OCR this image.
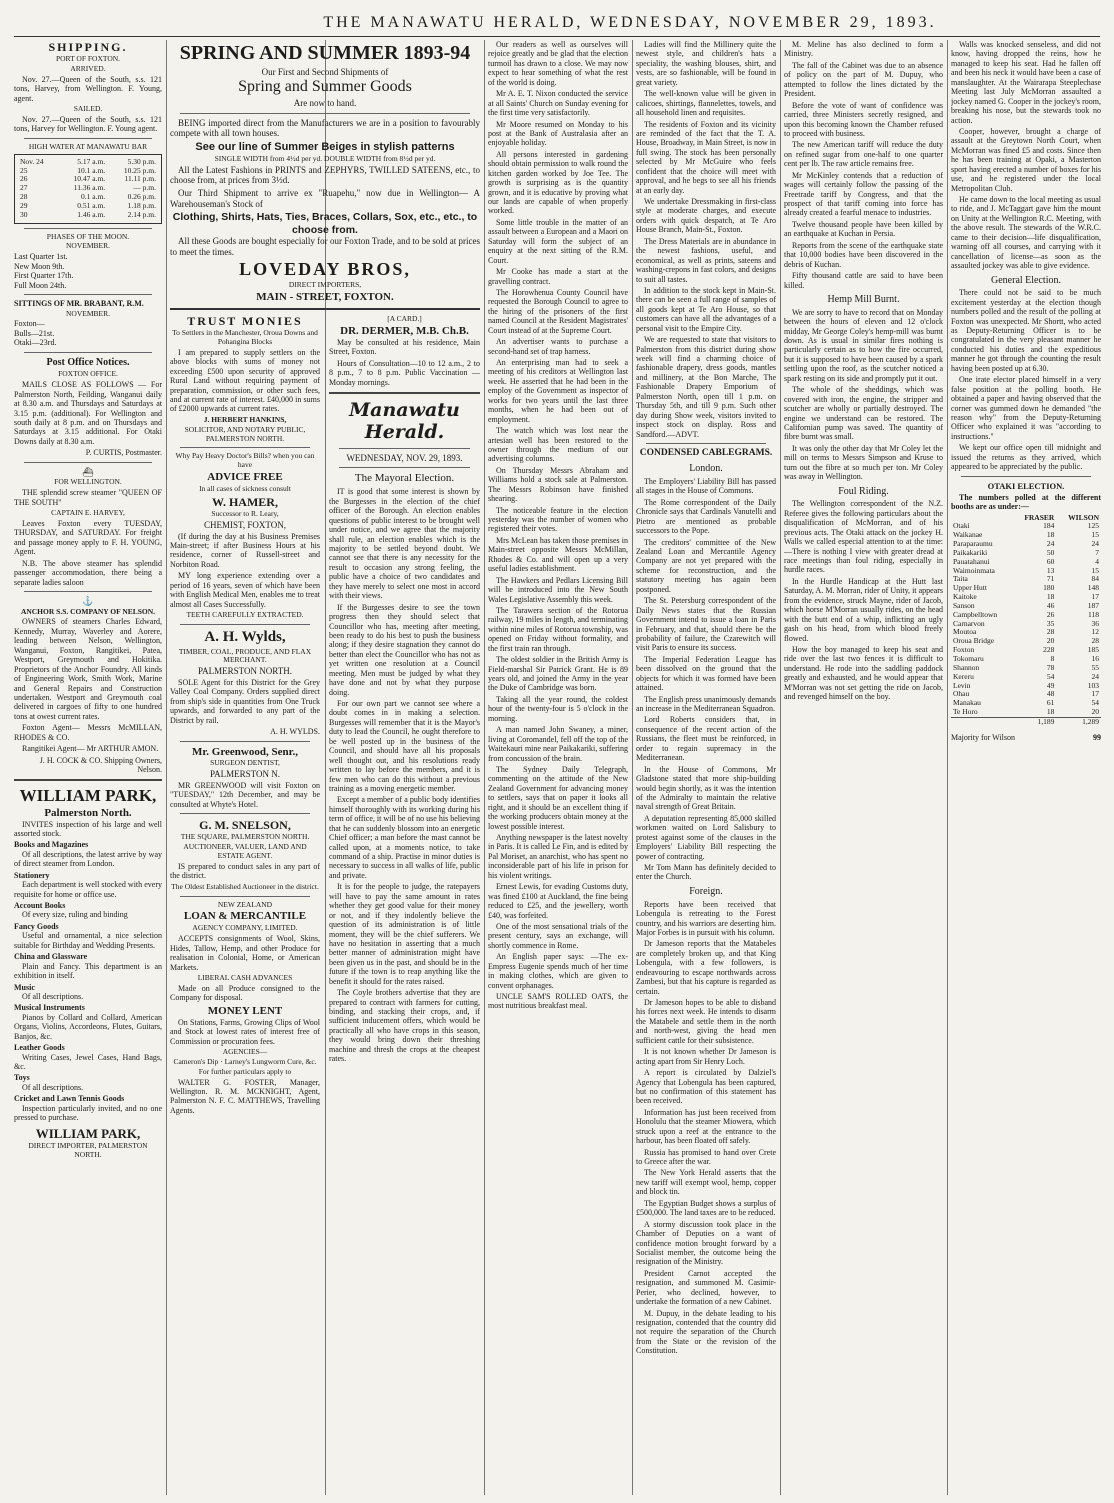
THE MANAWATU HERALD, WEDNESDAY, NOVEMBER 29, 1893.
SHIPPING.
PORT OF FOXTON.
ARRIVED.

Nov. 27.—Queen of the South, s.s. 121 tons, Harvey, from Wellington. F. Young, agent.

SAILED.

Nov. 27.—Queen of the South, s.s. 121 tons, Harvey for Wellington. F. Young agent.

HIGH WATER AT MANAWATU BAR
Nov. 24	5.17 a.m.	5.30 p.m.
25	10.1 a.m.	10.25 p.m.
26	10.47 a.m.	11.11 p.m.
27	11.36 a.m.	— p.m.
28	0.1 a.m.	0.26 p.m.
29	0.51 a.m.	1.18 p.m.
30	1.46 a.m.	2.14 p.m.
PHASES OF THE MOON.
NOVEMBER.
Last Quarter 1st.
New Moon 9th.
First Quarter 17th.
Full Moon 24th.
SITTINGS OF MR. BRABANT, R.M.
NOVEMBER.
Foxton—
Bulls—21st.
Otaki—23rd.
Post Office Notices.
FOXTON OFFICE.

MAILS CLOSE AS FOLLOWS — For Palmerston North, Feilding, Wanganui daily at 8.30 a.m. and Thursdays and Saturdays at 3.15 p.m. (additional). For Wellington and south daily at 8 p.m. and on Thursdays and Saturdays at 3.15 additional. For Otaki Downs daily at 8.30 a.m.

P. CURTIS, Postmaster.
⛴
FOR WELLINGTON.

THE splendid screw steamer "QUEEN OF THE SOUTH"

CAPTAIN E. HARVEY,

Leaves Foxton every TUESDAY, THURSDAY, and SATURDAY. For freight and passage money apply to F. H. YOUNG, Agent.

N.B. The above steamer has splendid passenger accommodation, there being a separate ladies saloon

⚓
ANCHOR S.S. COMPANY OF NELSON.

OWNERS of steamers Charles Edward, Kennedy, Murray, Waverley and Aorere, leading between Nelson, Wellington, Wanganui, Foxton, Rangitikei, Patea, Westport, Greymouth and Hokitika. Proprietors of the Anchor Foundry. All kinds of Engineering Work, Smith Work, Marine and General Repairs and Construction undertaken. Westport and Greymouth coal delivered in cargoes of fifty to one hundred tons at owest current rates.

Foxton Agent— Messrs McMILLAN, RHODES & CO.

Rangitikei Agent— Mr ARTHUR AMON.

J. H. COCK & CO. Shipping Owners, Nelson.
WILLIAM PARK,
Palmerston North.

INVITES inspection of his large and well assorted stock.

Books and Magazines

Of all descriptions, the latest arrive by way of direct steamer from London.

Stationery

Each department is well stocked with every requisite for home or office use.

Account Books

Of every size, ruling and binding

Fancy Goods

Useful and ornamental, a nice selection suitable for Birthday and Wedding Presents.

China and Glassware

Plain and Fancy. This department is an exhibition in itself.

Music

Of all descriptions.

Musical Instruments

Pianos by Collard and Collard, American Organs, Violins, Accordeons, Flutes, Guitars, Banjos, &c.

Leather Goods

Writing Cases, Jewel Cases, Hand Bags, &c.

Toys

Of all descriptions.

Cricket and Lawn Tennis Goods

Inspection particularly invited, and no one pressed to purchase.

WILLIAM PARK,
DIRECT IMPORTER, PALMERSTON NORTH.
SPRING AND SUMMER 1893-94
Our First and Second Shipments of
Spring and Summer Goods
Are now to hand.

BEING imported direct from the Manufacturers we are in a position to favourably compete with all town houses.

See our line of Summer Beiges in stylish patterns
SINGLE WIDTH from 4½d per yd. DOUBLE WIDTH from 8½d per yd.

All the Latest Fashions in PRINTS and ZEPHYRS, TWILLED SATEENS, etc., to choose from, at prices from 3½d.

Our Third Shipment to arrive ex "Ruapehu," now due in Wellington— A Warehouseman's Stock of

Clothing, Shirts, Hats, Ties, Braces, Collars, Sox, etc., etc., to choose from.

All these Goods are bought especially for our Foxton Trade, and to be sold at prices to meet the times.

LOVEDAY BROS,
DIRECT IMPORTERS,
MAIN - STREET, FOXTON.
TRUST MONIES
To Settlers in the Manchester, Oroua Downs and Pohangina Blocks

I am prepared to supply settlers on the above blocks with sums of money not exceeding £500 upon security of approved Rural Land without requiring payment of preparation, commission, or other such fees, and at current rate of interest. £40,000 in sums of £2000 upwards at current rates.

J. HERBERT HANKINS,
SOLICITOR, AND NOTARY PUBLIC, PALMERSTON NORTH.
Why Pay Heavy Doctor's Bills? when you can have
ADVICE FREE
In all cases of sickness consult
W. HAMER,
Successor to R. Leary,
CHEMIST, FOXTON,

(If during the day at his Business Premises Main-street; if after Business Hours at his residence, corner of Russell-street and Norbiton Road.

MY long experience extending over a period of 16 years, seven of which have been with English Medical Men, enables me to treat almost all Cases Successfully.

TEETH CAREFULLY EXTRACTED.
A. H. Wylds,
TIMBER, COAL, PRODUCE, AND FLAX MERCHANT.
PALMERSTON NORTH.

SOLE Agent for this District for the Grey Valley Coal Company. Orders supplied direct from ship's side in quantities from One Truck upwards, and forwarded to any part of the District by rail.

A. H. WYLDS.
Mr. Greenwood, Senr.,
SURGEON DENTIST,
PALMERSTON N.

MR GREENWOOD will visit Foxton on "TUESDAY," 12th December, and may be consulted at Whyte's Hotel.

G. M. SNELSON,
THE SQUARE, PALMERSTON NORTH.
AUCTIONEER, VALUER, LAND AND ESTATE AGENT.

IS prepared to conduct sales in any part of the district.

The Oldest Established Auctioneer in the district.
NEW ZEALAND
LOAN & MERCANTILE
AGENCY COMPANY, LIMITED.

ACCEPTS consignments of Wool, Skins, Hides, Tallow, Hemp, and other Produce for realisation in Colonial, Home, or American Markets.

LIBERAL CASH ADVANCES

Made on all Produce consigned to the Company for disposal.

MONEY LENT

On Stations, Farms, Growing Clips of Wool and Stock at lowest rates of interest free of Commission or procuration fees.

AGENCIES—
Cameron's Dip · Larney's Lungworm Cure, &c.
For further particulars apply to

WALTER G. FOSTER, Manager, Wellington. R. M. MCKNIGHT, Agent, Palmerston N. F. C. MATTHEWS, Travelling Agents.

[A CARD.]
DR. DERMER, M.B. Ch.B.

May be consulted at his residence, Main Street, Foxton.

Hours of Consultation—10 to 12 a.m., 2 to 8 p.m., 7 to 8 p.m. Public Vaccination — Monday mornings.

Manawatu Herald.
WEDNESDAY, NOV. 29, 1893.
The Mayoral Election.

IT is good that some interest is shown by the Burgesses in the election of the chief officer of the Borough. An election enables questions of public interest to be brought well under notice, and we agree that the majority shall rule, an election enables which is the majority to be settled beyond doubt. We cannot see that there is any necessity for the result to occasion any strong feeling, the public have a choice of two candidates and they have merely to select one most in accord with their views.

If the Burgesses desire to see the town progress then they should select that Councillor who has, meeting after meeting, been ready to do his best to push the business along; if they desire stagnation they cannot do better than elect the Councillor who has not as yet written one resolution at a Council meeting. Men must be judged by what they have done and not by what they purpose doing.

For our own part we cannot see where a doubt comes in in making a selection. Burgesses will remember that it is the Mayor's duty to lead the Council, he ought therefore to be well posted up in the business of the Council, and should have all his proposals well thought out, and his resolutions ready written to lay before the members, and it is few men who can do this without a previous training as a moving energetic member.

Except a member of a public body identifies himself thoroughly with its working during his term of office, it will be of no use his believing that he can suddenly blossom into an energetic Chief officer; a man before the mast cannot be called upon, at a moments notice, to take command of a ship. Practise in minor duties is necessary to success in all walks of life, public and private.

It is for the people to judge, the ratepayers will have to pay the same amount in rates whether they get good value for their money or not, and if they indolently believe the question of its administration is of little moment, they will be the chief sufferers. We have no hesitation in asserting that a much better manner of administration might have been given us in the past, and should be in the future if the town is to reap anything like the benefit it should for the rates raised.

The Coyle brothers advertise that they are prepared to contract with farmers for cutting, binding, and stacking their crops, and, if sufficient inducement offers, which would be practically all who have crops in this season, they would bring down their threshing machine and thresh the crops at the cheapest rates.

Our readers as well as ourselves will rejoice greatly and be glad that the election turmoil has drawn to a close. We may now expect to hear something of what the rest of the world is doing.

Mr A. E. T. Nixon conducted the service at all Saints' Church on Sunday evening for the first time very satisfactorily.

Mr Moore resumed on Monday to his post at the Bank of Australasia after an enjoyable holiday.

All persons interested in gardening should obtain permission to walk round the kitchen garden worked by Joe Tee. The growth is surprising as is the quantity grown, and it is educative by proving what our lands are capable of when properly worked.

Some little trouble in the matter of an assault between a European and a Maori on Saturday will form the subject of an enquiry at the next sitting of the R.M. Court.

Mr Cooke has made a start at the gravelling contract.

The Horowhenua County Council have requested the Borough Council to agree to the hiring of the prisoners of the first named Council at the Resident Magistrates' Court instead of at the Supreme Court.

An advertiser wants to purchase a second-hand set of trap harness.

An enterprising man had to seek a meeting of his creditors at Wellington last week. He asserted that he had been in the employ of the Government as inspector of works for two years until the last three months, when he had been out of employment.

The watch which was lost near the artesian well has been restored to the owner through the medium of our advertising columns.

On Thursday Messrs Abraham and Williams hold a stock sale at Palmerston. The Messrs Robinson have finished shearing.

The noticeable feature in the election yesterday was the number of women who registered their votes.

Mrs McLean has taken those premises in Main-street opposite Messrs McMillan, Rhodes & Co. and will open up a very useful ladies establishment.

The Hawkers and Pedlars Licensing Bill will be introduced into the New South Wales Legislative Assembly this week.

The Tarawera section of the Rotorua railway, 19 miles in length, and terminating within nine miles of Rotorua township, was opened on Friday without formality, and the first train ran through.

The oldest soldier in the British Army is Field-marshal Sir Patrick Grant. He is 89 years old, and joined the Army in the year the Duke of Cambridge was born.

Taking all the year round, the coldest hour of the twenty-four is 5 o'clock in the morning.

A man named John Swaney, a miner, living at Coromandel, fell off the top of the Waitekauri mine near Paikakariki, suffering from concussion of the brain.

The Sydney Daily Telegraph, commenting on the attitude of the New Zealand Government for advancing money to settlers, says that on paper it looks all right, and it should be an excellent thing if the working producers obtain money at the lowest possible interest.

Anything newspaper is the latest novelty in Paris. It is called Le Fin, and is edited by Pal Moriset, an anarchist, who has spent no inconsiderable part of his life in prison for his violent writings.

Ernest Lewis, for evading Customs duty, was fined £100 at Auckland, the fine being reduced to £25, and the jewellery, worth £40, was forfeited.

One of the most sensational trials of the present century, says an exchange, will shortly commence in Rome.

An English paper says: —The ex-Empress Eugenie spends much of her time in making clothes, which are given to convent orphanages.

UNCLE SAM'S ROLLED OATS, the most nutritious breakfast meal.

Ladies will find the Millinery quite the newest style, and children's hats a speciality, the washing blouses, shirt, and vests, are so fashionable, will be found in great variety.

The well-known value will be given in calicoes, shirtings, flannelettes, towels, and all household linen and requisites.

The residents of Foxton and its vicinity are reminded of the fact that the T. A. House, Broadway, in Main Street, is now in full swing. The stock has been personally selected by Mr McGuire who feels confident that the choice will meet with approval, and he begs to see all his friends at an early day.

We undertake Dressmaking in first-class style at moderate charges, and execute orders with quick despatch, at Te Aro House Branch, Main-St., Foxton.

The Dress Materials are in abundance in the newest fashions, useful, and economical, as well as prints, sateens and washing-crepons in fast colors, and designs to suit all tastes.

In addition to the stock kept in Main-St. there can be seen a full range of samples of all goods kept at Te Aro House, so that customers can have all the advantages of a personal visit to the Empire City.

We are requested to state that visitors to Palmerston from this district during show week will find a charming choice of fashionable drapery, dress goods, mantles and millinery, at the Bon Marche, The Fashionable Drapery Emporium of Palmerston North, open till 1 p.m. on Thursday 5th, and till 9 p.m. Such other day during Show week, visitors invited to inspect stock on display. Ross and Sandford.—ADVT.

CONDENSED CABLEGRAMS.
London.

The Employers' Liability Bill has passed all stages in the House of Commons.

The Rome correspondent of the Daily Chronicle says that Cardinals Vanutelli and Pietro are mentioned as probable successors to the Pope.

The creditors' committee of the New Zealand Loan and Mercantile Agency Company are not yet prepared with the scheme for reconstruction, and the statutory meeting has again been postponed.

The St. Petersburg correspondent of the Daily News states that the Russian Government intend to issue a loan in Paris in February, and that, should there be the probability of failure, the Czarewitch will visit Paris to ensure its success.

The Imperial Federation League has been dissolved on the ground that the objects for which it was formed have been attained.

The English press unanimously demands an increase in the Mediterranean Squadron.

Lord Roberts considers that, in consequence of the recent action of the Russians, the fleet must be reinforced, in order to regain supremacy in the Mediterranean.

In the House of Commons, Mr Gladstone stated that more ship-building would begin shortly, as it was the intention of the Admiralty to maintain the relative naval strength of Great Britain.

A deputation representing 85,000 skilled workmen waited on Lord Salisbury to protest against some of the clauses in the Employers' Liability Bill respecting the power of contracting.

Mr Tom Mann has definitely decided to enter the Church.

Foreign.

Reports have been received that Lobengula is retreating to the Forest country, and his warriors are deserting him. Major Forbes is in pursuit with his column.

Dr Jameson reports that the Matabeles are completely broken up, and that King Lobengula, with a few followers, is endeavouring to escape northwards across Zambesi, but that his capture is regarded as certain.

Dr Jameson hopes to be able to disband his forces next week. He intends to disarm the Matabele and settle them in the north and north-west, giving the head men sufficient cattle for their subsistence.

It is not known whether Dr Jameson is acting apart from Sir Henry Loch.

A report is circulated by Dalziel's Agency that Lobengula has been captured, but no confirmation of this statement has been received.

Information has just been received from Honolulu that the steamer Miowera, which struck upon a reef at the entrance to the harbour, has been floated off safely.

Russia has promised to hand over Crete to Greece after the war.

The New York Herald asserts that the new tariff will exempt wool, hemp, copper and block tin.

The Egyptian Budget shows a surplus of £500,000. The land taxes are to be reduced.

A stormy discussion took place in the Chamber of Deputies on a want of confidence motion brought forward by a Socialist member, the outcome being the resignation of the Ministry.

President Carnot accepted the resignation, and summoned M. Casimir-Perier, who declined, however, to undertake the formation of a new Cabinet.

M. Dupuy, in the debate leading to his resignation, contended that the country did not require the separation of the Church from the State or the revision of the Constitution.

M. Meline has also declined to form a Ministry.

The fall of the Cabinet was due to an absence of policy on the part of M. Dupuy, who attempted to follow the lines dictated by the President.

Before the vote of want of confidence was carried, three Ministers secretly resigned, and upon this becoming known the Chamber refused to proceed with business.

The new American tariff will reduce the duty on refined sugar from one-half to one quarter cent per lb. The raw article remains free.

Mr McKinley contends that a reduction of wages will certainly follow the passing of the Freetrade tariff by Congress, and that the prospect of that tariff coming into force has already created a fearful menace to industries.

Twelve thousand people have been killed by an earthquake at Kuchan in Persia.

Reports from the scene of the earthquake state that 10,000 bodies have been discovered in the debris of Kuchan.

Fifty thousand cattle are said to have been killed.

Hemp Mill Burnt.

We are sorry to have to record that on Monday between the hours of eleven and 12 o'clock midday, Mr George Coley's hemp-mill was burnt down. As is usual in similar fires nothing is particularly certain as to how the fire occurred, but it is supposed to have been caused by a spark settling upon the roof, as the scutcher noticed a spark resting on its side and promptly put it out.

The whole of the sheddings, which was covered with iron, the engine, the stripper and scutcher are wholly or partially destroyed. The engine we understand can be restored. The Californian pump was saved. The quantity of fibre burnt was small.

It was only the other day that Mr Coley let the mill on terms to Messrs Simpson and Kruse to turn out the fibre at so much per ton. Mr Coley was away in Wellington.

Foul Riding.

The Wellington correspondent of the N.Z. Referee gives the following particulars about the disqualification of McMorran, and of his previous acts. The Otaki attack on the jockey H. Walls we called especial attention to at the time:—There is nothing I view with greater dread at race meetings than foul riding, especially in hurdle races.

In the Hurdle Handicap at the Hutt last Saturday, A. M. Morran, rider of Unity, it appears from the evidence, struck Mayne, rider of Jacob, which horse M'Morran usually rides, on the head with the butt end of a whip, inflicting an ugly gash on his head, from which blood freely flowed.

How the boy managed to keep his seat and ride over the last two fences it is difficult to understand. He rode into the saddling paddock greatly and exhausted, and he would appear that M'Morran was not set getting the ride on Jacob, and revenged himself on the boy.

Walls was knocked senseless, and did not know, having dropped the reins, how he managed to keep his seat. Had he fallen off and been his neck it would have been a case of manslaughter. At the Wairarapa Steeplechase Meeting last July McMorran assaulted a jockey named G. Cooper in the jockey's room, breaking his nose, but the stewards took no action.

Cooper, however, brought a charge of assault at the Greytown North Court, when McMorran was fined £5 and costs. Since then he has been training at Opaki, a Masterton sport having erected a number of boxes for his use, and he registered under the local Metropolitan Club.

He came down to the local meeting as usual to ride, and J. McTaggart gave him the mount on Unity at the Wellington R.C. Meeting, with the above result. The stewards of the W.R.C. came to their decision—life disqualification, warning off all courses, and carrying with it cancellation of license—as soon as the assaulted jockey was able to give evidence.

General Election.

There could not be said to be much excitement yesterday at the election though numbers polled and the result of the polling at Foxton was unexpected. Mr Shortt, who acted as Deputy-Returning Officer is to be congratulated in the very pleasant manner he conducted his duties and the expeditious manner he got through the counting the result having been posted up at 6.30.

One irate elector placed himself in a very false position at the polling booth. He obtained a paper and having observed that the corner was gummed down he demanded "the reason why" from the Deputy-Returning Officer who explained it was "according to instructions."

We kept our office open till midnight and issued the returns as they arrived, which appeared to be appreciated by the public.

OTAKI ELECTION.

The numbers polled at the different booths are as under:—

	FRASER	WILSON
Otaki	184	125
Waikanae	18	15
Paraparaumu	24	24
Paikakariki	50	7
Pauatahanui	60	4
Waimoinmata	13	15
Taita	71	84
Upper Hutt	180	148
Kaitoke	18	17
Sanson	46	187
Campbelltown	26	118
Carnarvon	35	36
Moutoa	28	12
Oroua Bridge	20	28
Foxton	228	185
Tokomaru	8	16
Shannon	78	55
Kereru	54	24
Levin	49	103
Ohau	48	17
Manakau	61	54
Te Horo	18	20
	1,189	1,289
Majority for Wilson	99
